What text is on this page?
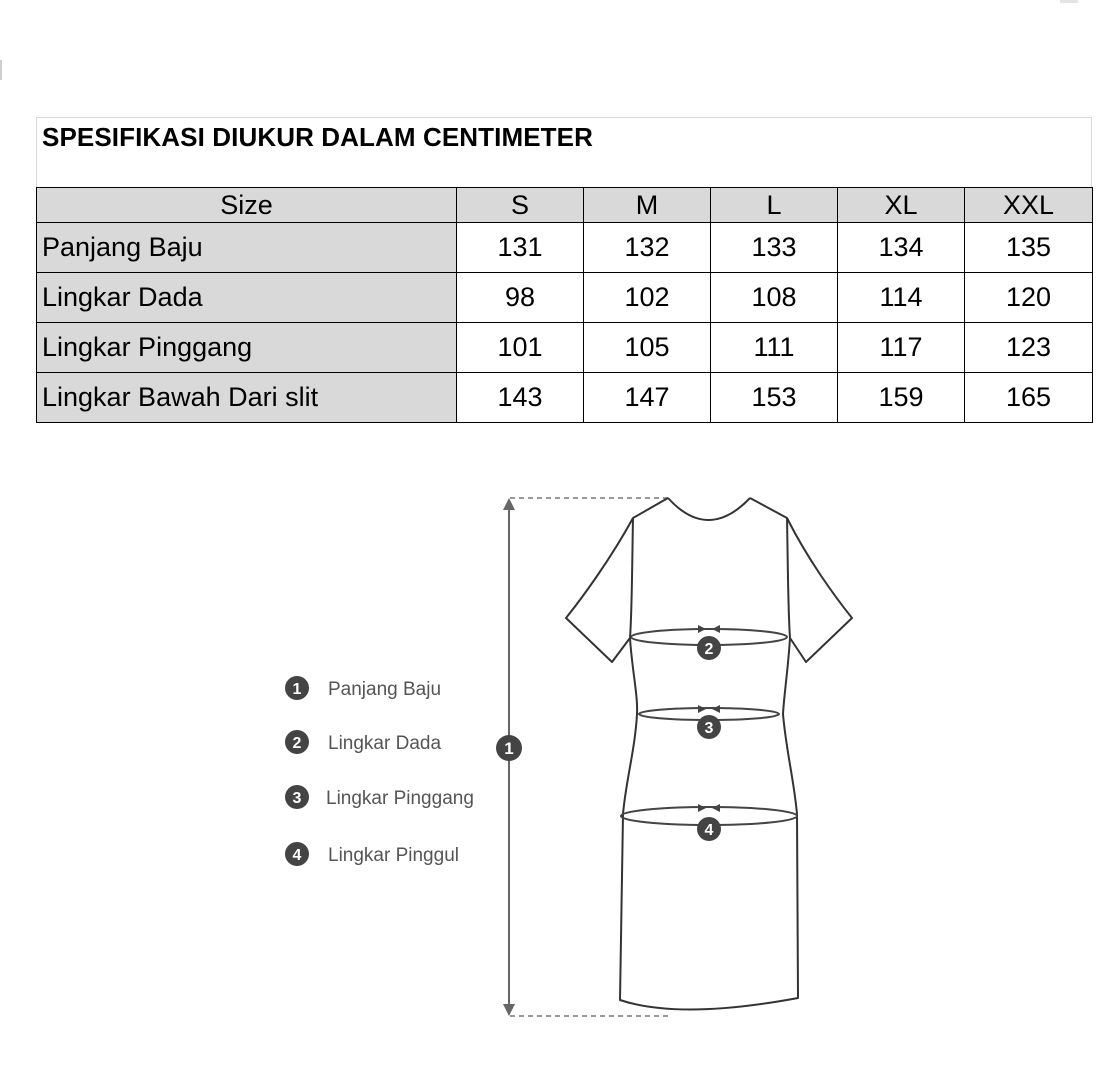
SPESIFIKASI DIUKUR DALAM CENTIMETER
Size	S	M	L	XL	XXL
Panjang Baju	131	132	133	134	135
Lingkar Dada	98	102	108	114	120
Lingkar Pinggang	101	105	111	117	123
Lingkar Bawah Dari slit	143	147	153	159	165
1 Panjang Baju
2 Lingkar Dada
3 Lingkar Pinggang
4 Lingkar Pinggul
1
2
3
4
